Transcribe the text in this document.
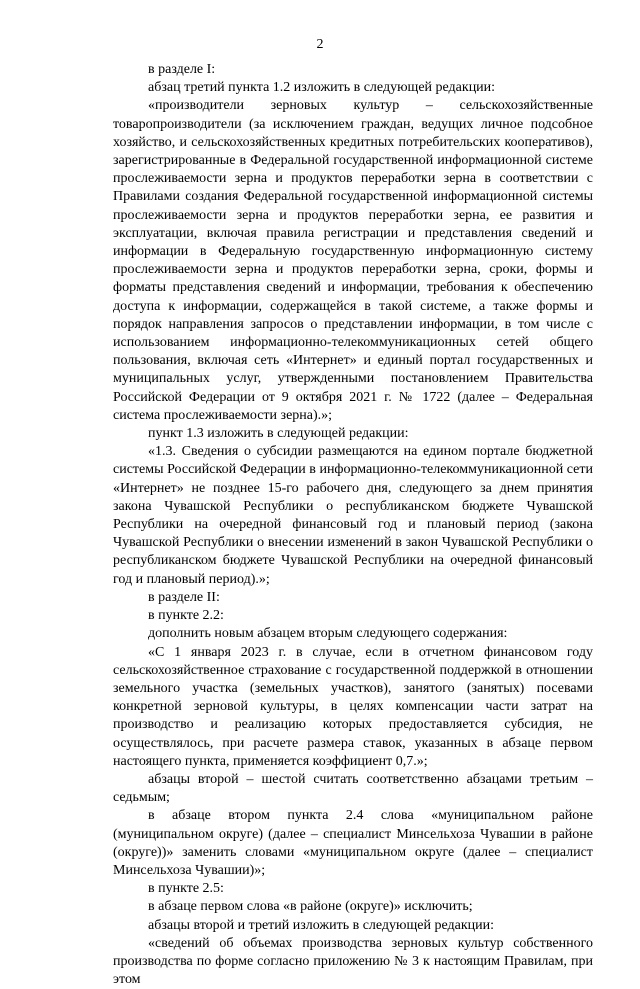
2

в разделе I:

абзац третий пункта 1.2 изложить в следующей редакции:

«производители зерновых культур – сельскохозяйственные товаропроизводители (за исключением граждан, ведущих личное подсобное хозяйство, и сельскохозяйственных кредитных потребительских кооперативов), зарегистрированные в Федеральной государственной информационной системе прослеживаемости зерна и продуктов переработки зерна в соответствии с Правилами создания Федеральной государственной информационной системы прослеживаемости зерна и продуктов переработки зерна, ее развития и эксплуатации, включая правила регистрации и представления сведений и информации в Федеральную государственную информационную систему прослеживаемости зерна и продуктов переработки зерна, сроки, формы и форматы представления сведений и информации, требования к обеспечению доступа к информации, содержащейся в такой системе, а также формы и порядок направления запросов о представлении информации, в том числе с использованием информационно-телекоммуникационных сетей общего пользования, включая сеть «Интернет» и единый портал государственных и муниципальных услуг, утвержденными постановлением Правительства Российской Федерации от 9 октября 2021 г. № 1722 (далее – Федеральная система прослеживаемости зерна).»;

пункт 1.3 изложить в следующей редакции:

«1.3. Сведения о субсидии размещаются на едином портале бюджетной системы Российской Федерации в информационно-телекоммуникационной сети «Интернет» не позднее 15-го рабочего дня, следующего за днем принятия закона Чувашской Республики о республиканском бюджете Чувашской Республики на очередной финансовый год и плановый период (закона Чувашской Республики о внесении изменений в закон Чувашской Республики о республиканском бюджете Чувашской Республики на очередной финансовый год и плановый период).»;

в разделе II:

в пункте 2.2:

дополнить новым абзацем вторым следующего содержания:

«С 1 января 2023 г. в случае, если в отчетном финансовом году сельскохозяйственное страхование с государственной поддержкой в отношении земельного участка (земельных участков), занятого (занятых) посевами конкретной зерновой культуры, в целях компенсации части затрат на производство и реализацию которых предоставляется субсидия, не осуществлялось, при расчете размера ставок, указанных в абзаце первом настоящего пункта, применяется коэффициент 0,7.»;

абзацы второй – шестой считать соответственно абзацами третьим – седьмым;

в абзаце втором пункта 2.4 слова «муниципальном районе (муниципальном округе) (далее – специалист Минсельхоза Чувашии в районе (округе))» заменить словами «муниципальном округе (далее – специалист Минсельхоза Чувашии)»;

в пункте 2.5:

в абзаце первом слова «в районе (округе)» исключить;

абзацы второй и третий изложить в следующей редакции:

«сведений об объемах производства зерновых культур собственного производства по форме согласно приложению № 3 к настоящим Правилам, при этом
